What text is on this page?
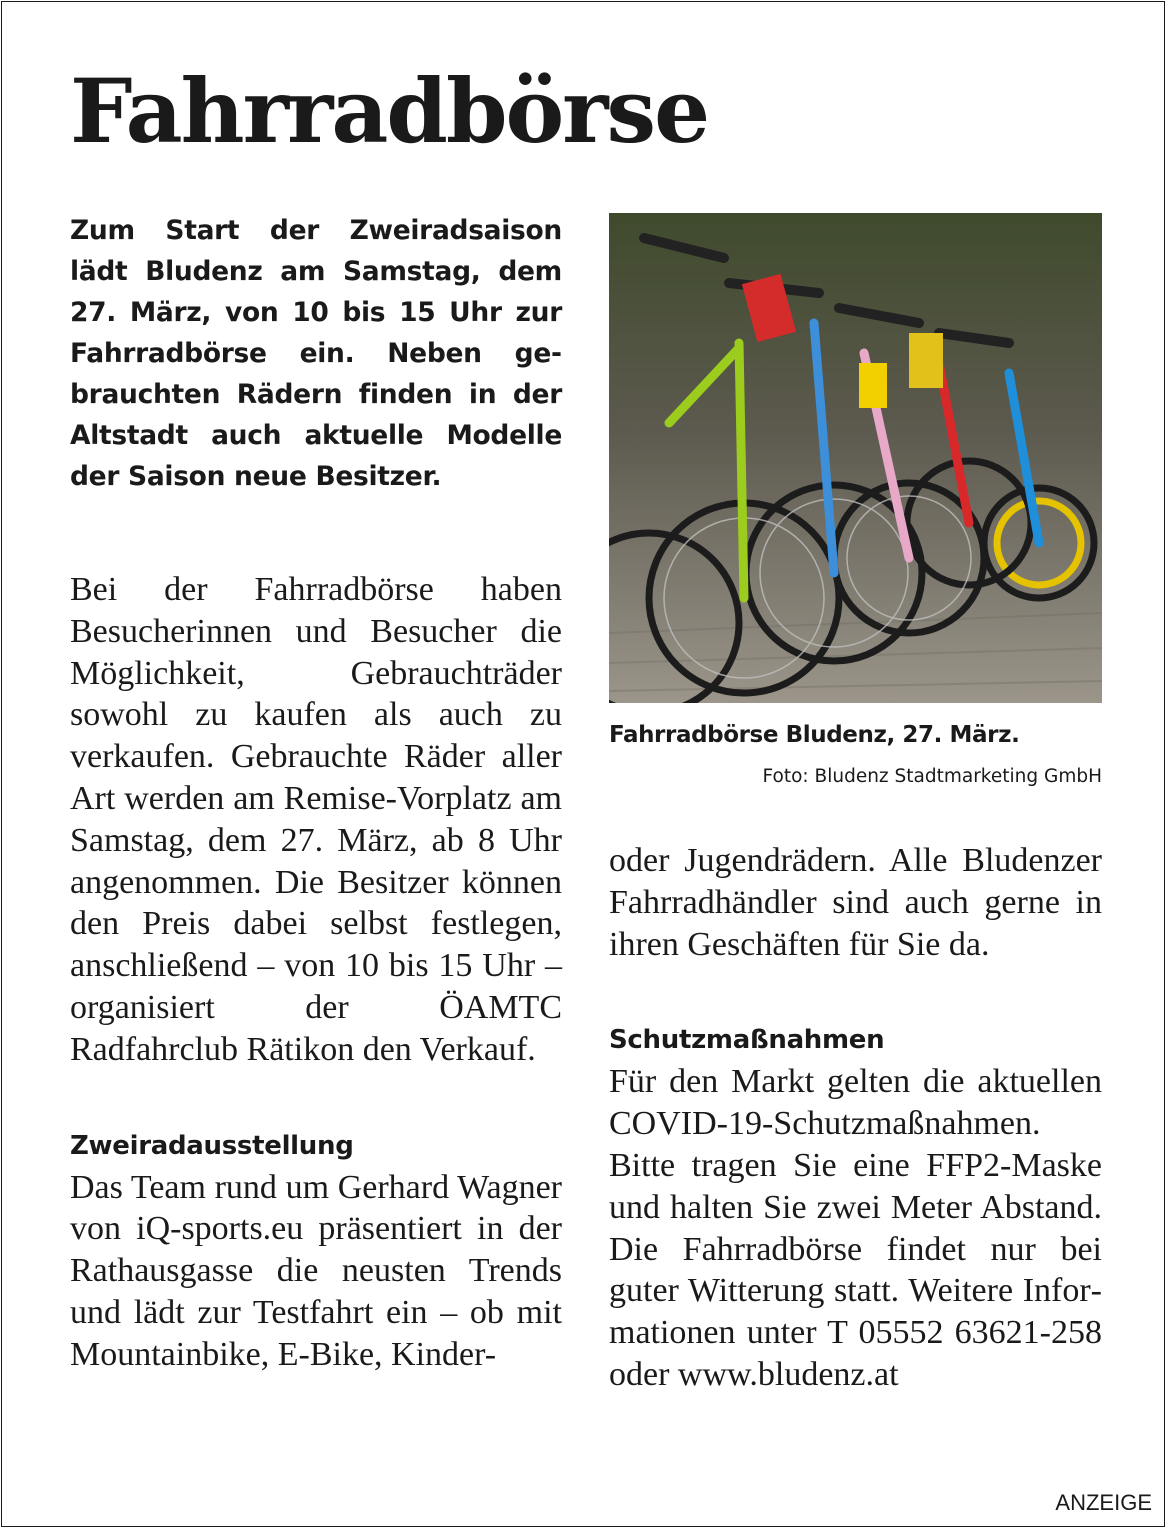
Fahrradbörse

Zum Start der Zweiradsaison lädt Bludenz am Samstag, dem 27. März, von 10 bis 15 Uhr zur Fahrradbörse ein. Neben gebrauchten Rädern finden in der Altstadt auch aktuelle Modelle der Saison neue Besitzer.

Bei der Fahrradbörse haben Besucherinnen und Besucher die Möglichkeit, Gebrauchträder sowohl zu kaufen als auch zu verkaufen. Gebrauchte Räder aller Art werden am Remise-Vorplatz am Samstag, dem 27. März, ab 8 Uhr angenommen. Die Besitzer können den Preis dabei selbst festlegen, anschließend – von 10 bis 15 Uhr – organisiert der ÖAMTC Radfahrclub Rätikon den Verkauf.

Zweiradausstellung

Das Team rund um Gerhard Wagner von iQ-sports.eu präsentiert in der Rathausgasse die neusten Trends und lädt zur Testfahrt ein – ob mit Mountainbike, E-Bike, Kinder-

Fahrradbörse Bludenz, 27. März.

Foto: Bludenz Stadtmarketing GmbH

oder Jugendrädern. Alle Bludenzer Fahrradhändler sind auch gerne in ihren Geschäften für Sie da.

Schutzmaßnahmen

Für den Markt gelten die aktuellen COVID-19-Schutzmaßnahmen. Bitte tragen Sie eine FFP2-Maske und halten Sie zwei Meter Abstand. Die Fahrradbörse findet nur bei guter Witterung statt. Weitere Informationen unter T 05552 63621-258 oder www.bludenz.at

ANZEIGE
